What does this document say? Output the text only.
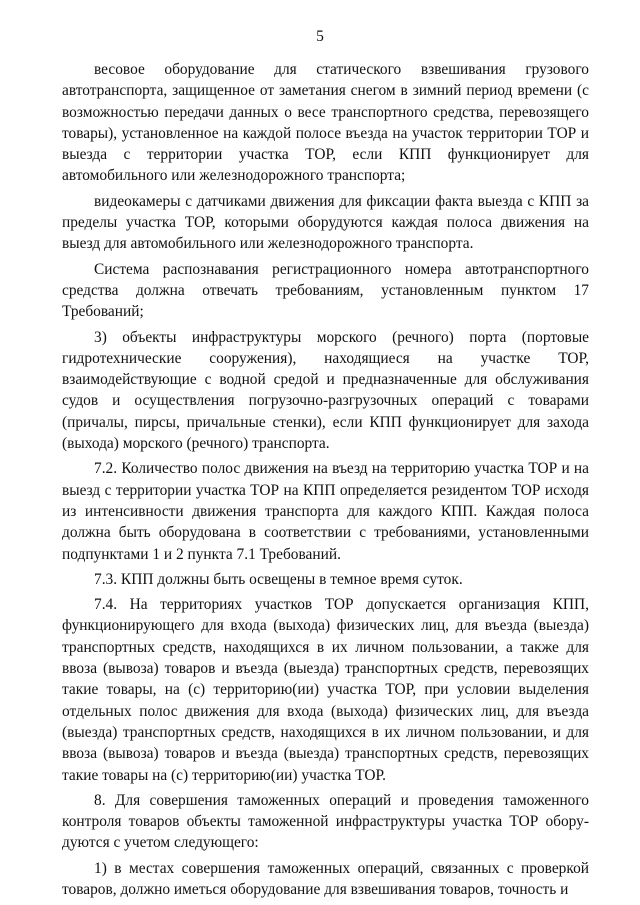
5

весовое оборудование для статического взвешивания грузового автотранспорта, защищенное от заметания снегом в зимний период времени (с возможностью передачи данных о весе транспортного средства, перевозящего товары), установленное на каждой полосе въезда на участок территории ТОР и выезда с территории участка ТОР, если КПП функционирует для автомобильного или железнодорожного транспорта;

видеокамеры с датчиками движения для фиксации факта выезда с КПП за пределы участка ТОР, которыми оборудуются каждая полоса движения на выезд для автомобильного или железнодорожного транспорта.

Система распознавания регистрационного номера автотранспортного средства должна отвечать требованиям, установленным пунктом 17 Требований;

3) объекты инфраструктуры морского (речного) порта (портовые гидротехнические сооружения), находящиеся на участке ТОР, взаимодействующие с водной средой и предназначенные для обслуживания судов и осуществления погрузочно-разгрузочных операций с товарами (причалы, пирсы, причальные стенки), если КПП функционирует для захода (выхода) морского (речного) транспорта.

7.2. Количество полос движения на въезд на территорию участка ТОР и на выезд с территории участка ТОР на КПП определяется резидентом ТОР исходя из интенсивности движения транспорта для каждого КПП. Каждая полоса должна быть оборудована в соответствии с требованиями, установленными подпунктами 1 и 2 пункта 7.1 Требований.

7.3. КПП должны быть освещены в темное время суток.

7.4. На территориях участков ТОР допускается организация КПП, функционирующего для входа (выхода) физических лиц, для въезда (выезда) транспортных средств, находящихся в их личном пользовании, а также для ввоза (вывоза) товаров и въезда (выезда) транспортных средств, перевозящих такие товары, на (с) территорию(ии) участка ТОР, при условии выделения отдельных полос движения для входа (выхода) физических лиц, для въезда (выезда) транспортных средств, находящихся в их личном пользовании, и для ввоза (вывоза) товаров и въезда (выезда) транспортных средств, перевозящих такие товары на (с) территорию(ии) участка ТОР.

8. Для совершения таможенных операций и проведения таможенного контроля товаров объекты таможенной инфраструктуры участка ТОР оборудуются с учетом следующего:

1) в местах совершения таможенных операций, связанных с проверкой товаров, должно иметься оборудование для взвешивания товаров, точность и
